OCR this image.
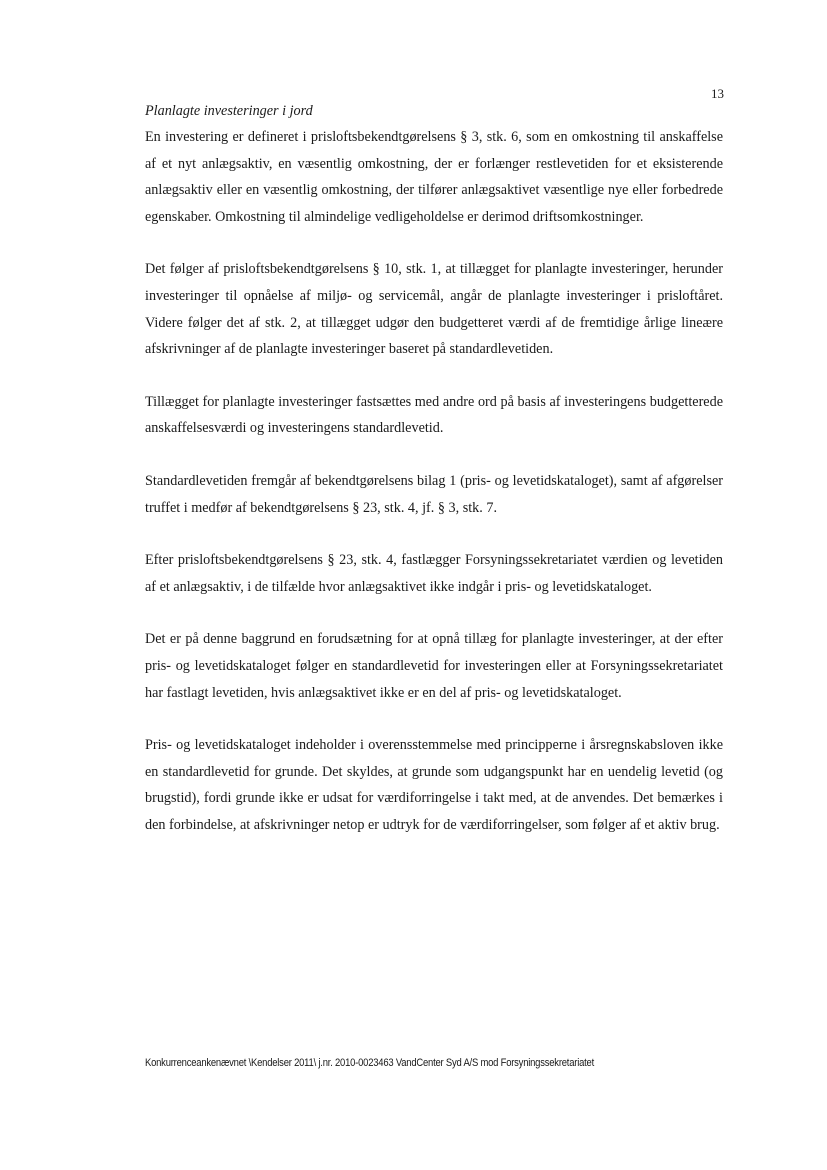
13

Planlagte investeringer i jord

En investering er defineret i prisloftsbekendtgørelsens § 3, stk. 6, som en omkostning til anskaffelse af et nyt anlægsaktiv, en væsentlig omkostning, der er forlænger restlevetiden for et eksisterende anlægsaktiv eller en væsentlig omkostning, der tilfører anlægsaktivet væsentlige nye eller forbedrede egenskaber. Omkostning til almindelige vedligeholdelse er derimod driftsomkostninger.

Det følger af prisloftsbekendtgørelsens § 10, stk. 1, at tillægget for planlagte investeringer, herunder investeringer til opnåelse af miljø- og servicemål, angår de planlagte investeringer i prisloftåret. Videre følger det af stk. 2, at tillægget udgør den budgetteret værdi af de fremtidige årlige lineære afskrivninger af de planlagte investeringer baseret på standardlevetiden.

Tillægget for planlagte investeringer fastsættes med andre ord på basis af investeringens budgetterede anskaffelsesværdi og investeringens standardlevetid.

Standardlevetiden fremgår af bekendtgørelsens bilag 1 (pris- og levetidskataloget), samt af afgørelser truffet i medfør af bekendtgørelsens § 23, stk. 4, jf. § 3, stk. 7.

Efter prisloftsbekendtgørelsens § 23, stk. 4, fastlægger Forsyningssekretariatet værdien og levetiden af et anlægsaktiv, i de tilfælde hvor anlægsaktivet ikke indgår i pris- og levetidskataloget.

Det er på denne baggrund en forudsætning for at opnå tillæg for planlagte investeringer, at der efter pris- og levetidskataloget følger en standardlevetid for investeringen eller at Forsyningssekretariatet har fastlagt levetiden, hvis anlægsaktivet ikke er en del af pris- og levetidskataloget.

Pris- og levetidskataloget indeholder i overensstemmelse med principperne i årsregnskabsloven ikke en standardlevetid for grunde. Det skyldes, at grunde som udgangspunkt har en uendelig levetid (og brugstid), fordi grunde ikke er udsat for værdiforringelse i takt med, at de anvendes. Det bemærkes i den forbindelse, at afskrivninger netop er udtryk for de værdiforringelser, som følger af et aktiv brug.

Konkurrenceankenævnet \Kendelser 2011\ j.nr. 2010-0023463 VandCenter Syd A/S mod Forsyningssekretariatet
